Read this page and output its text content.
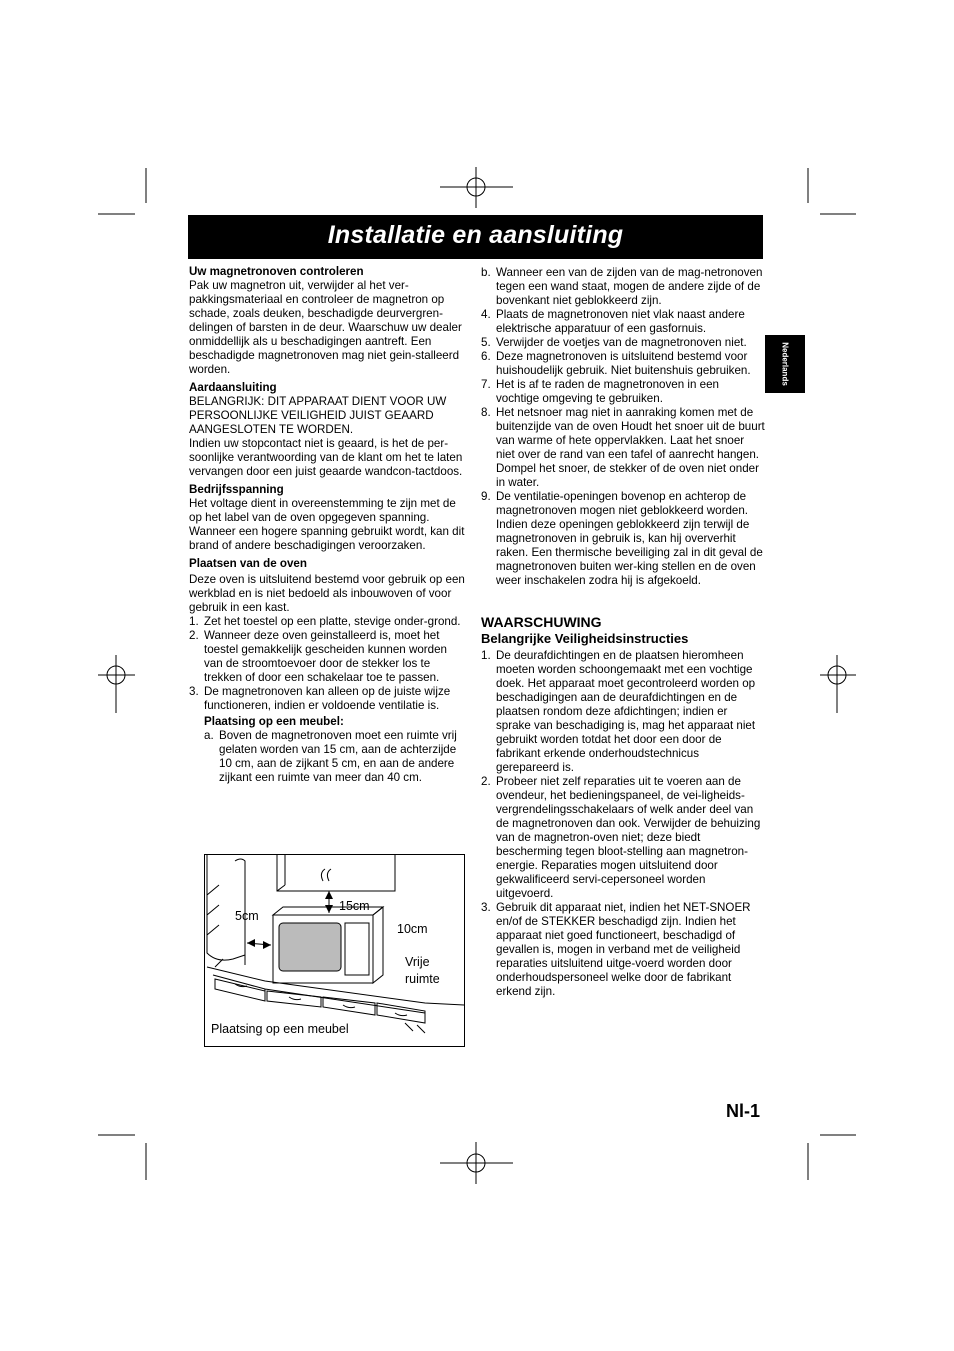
Installatie en aansluiting
Nederlands
Uw magnetronoven controleren

Pak uw magnetron uit, verwijder al het ver-pakkingsmateriaal en controleer de magnetron op schade, zoals deuken, beschadigde deurvergren-delingen of barsten in de deur. Waarschuw uw dealer onmiddellijk als u beschadigingen aantreft. Een beschadigde magnetronoven mag niet gein-stalleerd worden.

Aardaansluiting

BELANGRIJK: DIT APPARAAT DIENT VOOR UW PERSOONLIJKE VEILIGHEID JUIST GEAARD AANGESLOTEN TE WORDEN.

Indien uw stopcontact niet is geaard, is het de per-soonlijke verantwoording van de klant om het te laten vervangen door een juist geaarde wandcon-tactdoos.

Bedrijfsspanning

Het voltage dient in overeenstemming te zijn met de op het label van de oven opgegeven spanning. Wanneer een hogere spanning gebruikt wordt, kan dit brand of andere beschadigingen veroorzaken.

Plaatsen van de oven

Deze oven is uitsluitend bestemd voor gebruik op een werkblad en is niet bedoeld als inbouwoven of voor gebruik in een kast.

1. Zet het toestel op een platte, stevige onder-grond.
2. Wanneer deze oven geinstalleerd is, moet het toestel gemakkelijk gescheiden kunnen worden van de stroomtoevoer door de stekker los te trekken of door een schakelaar toe te passen.
3. De magnetronoven kan alleen op de juiste wijze functioneren, indien er voldoende ventilatie is.
Plaatsing op een meubel:
a. Boven de magnetronoven moet een ruimte vrij gelaten worden van 15 cm, aan de achterzijde 10 cm, aan de zijkant 5 cm, en aan de andere zijkant een ruimte van meer dan 40 cm.
15cm
5cm
10cm
Vrije
ruimte
Plaatsing op een meubel
b. Wanneer een van de zijden van de mag-netronoven tegen een wand staat, mogen de andere zijde of de bovenkant niet geblokkeerd zijn.
4. Plaats de magnetronoven niet vlak naast andere elektrische apparatuur of een gasfornuis.
5. Verwijder de voetjes van de magnetronoven niet.
6. Deze magnetronoven is uitsluitend bestemd voor huishoudelijk gebruik. Niet buitenshuis gebruiken.
7. Het is af te raden de magnetronoven in een vochtige omgeving te gebruiken.
8. Het netsnoer mag niet in aanraking komen met de buitenzijde van de oven Houdt het snoer uit de buurt van warme of hete oppervlakken. Laat het snoer niet over de rand van een tafel of aanrecht hangen. Dompel het snoer, de stekker of de oven niet onder in water.
9. De ventilatie-openingen bovenop en achterop de magnetronoven mogen niet geblokkeerd worden. Indien deze openingen geblokkeerd zijn terwijl de magnetronoven in gebruik is, kan hij oververhit raken. Een thermische beveiliging zal in dit geval de magnetronoven buiten wer-king stellen en de oven weer inschakelen zodra hij is afgekoeld.

WAARSCHUWING

Belangrijke Veiligheidsinstructies

1. De deurafdichtingen en de plaatsen hieromheen moeten worden schoongemaakt met een vochtige doek. Het apparaat moet gecontroleerd worden op beschadigingen aan de deurafdichtingen en de plaatsen rondom deze afdichtingen; indien er sprake van beschadiging is, mag het apparaat niet gebruikt worden totdat het door een door de fabrikant erkende onderhoudstechnicus gerepareerd is.
2. Probeer niet zelf reparaties uit te voeren aan de ovendeur, het bedieningspaneel, de vei-ligheids-vergrendelingsschakelaars of welk ander deel van de magnetronoven dan ook. Verwijder de behuizing van de magnetron-oven niet; deze biedt bescherming tegen bloot-stelling aan magnetron-energie. Reparaties mogen uitsluitend door gekwalificeerd servi-cepersoneel worden uitgevoerd.
3. Gebruik dit apparaat niet, indien het NET-SNOER en/of de STEKKER beschadigd zijn. Indien het apparaat niet goed functioneert, beschadigd of gevallen is, mogen in verband met de veiligheid reparaties uitsluitend uitge-voerd worden door onderhoudspersoneel welke door de fabrikant erkend zijn.
Nl-1
